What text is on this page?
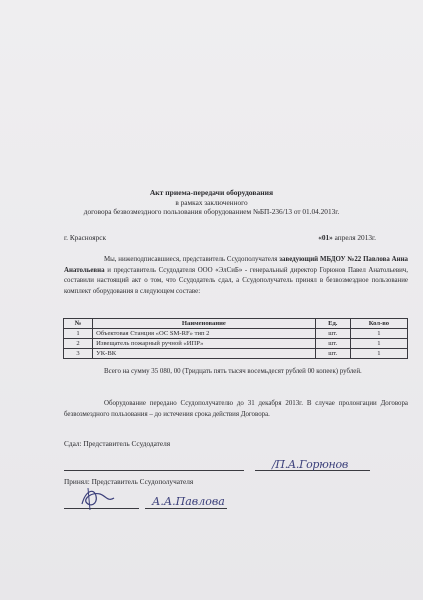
Акт приема-передачи оборудования
в рамках заключенного
договора безвозмездного пользования оборудованием №БП-236/13 от 01.04.2013г.
г. Красноярск	«01» апреля 2013г.
Мы, нижеподписавшиеся, представитель Ссудополучателя заведующий МБДОУ №22 Павлова Анна Анатольевна и представитель Ссудодателя ООО «ЭлСиБ» - генеральный директор Горюнов Павел Анатольевич, составили настоящий акт о том, что Ссудодатель сдал, а Ссудополучатель принял в безвозмездное пользование комплект оборудования в следующем составе:
№	Наименование	Ед.	Кол-во
1	Объектовая Станция «ОС SM-RF» тип 2	шт.	1
2	Извещатель пожарный ручной «ИПР»	шт.	1
3	УК-ВК	шт.	1
Всего на сумму 35 080, 00 (Тридцать пять тысяч восемьдесят рублей 00 копеек) рублей.
Оборудование передано Ссудополучателю до 31 декабря 2013г. В случае пролонгации Договора безвозмездного пользования – до истечения срока действия Договора.
Сдал: Представитель Ссудодателя
/П.А.Горюнов
Принял: Представитель Ссудополучателя
А.А.Павлова
